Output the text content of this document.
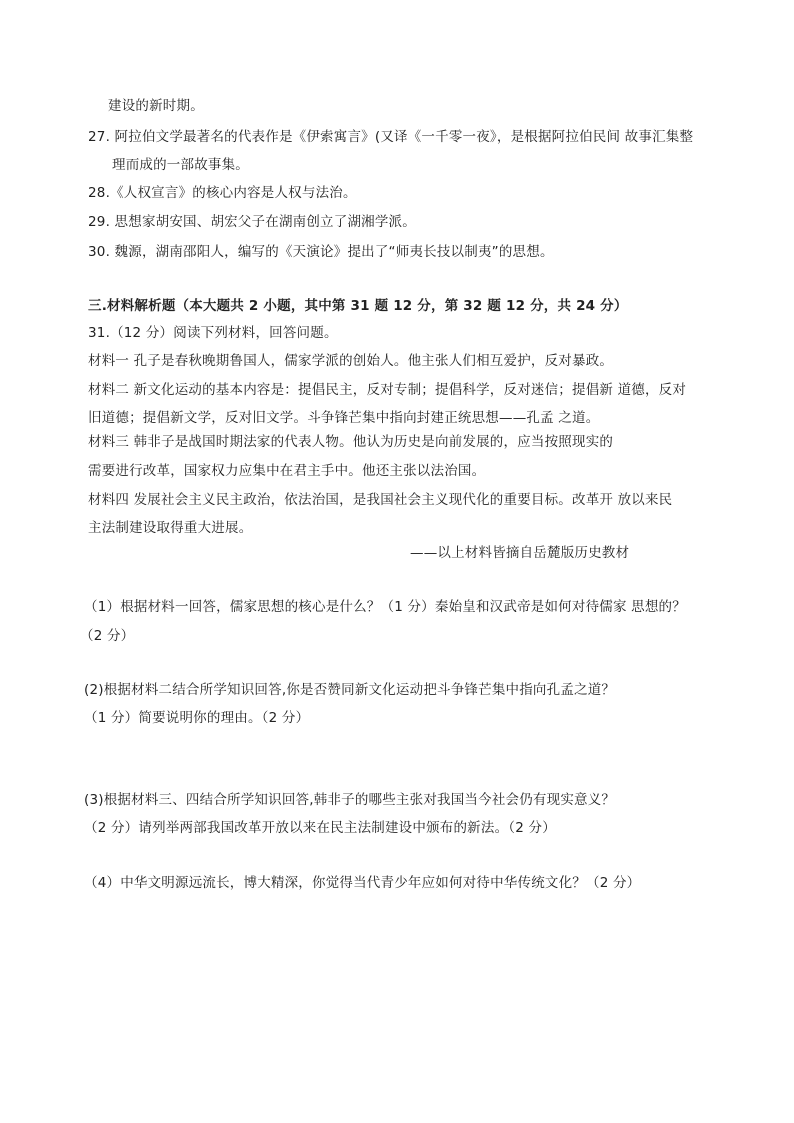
建设的新时期。
27. 阿拉伯文学最著名的代表作是《伊索寓言》(又译《一千零一夜》，是根据阿拉伯民间 故事汇集整
理而成的一部故事集。
28.《人权宣言》的核心内容是人权与法治。
29. 思想家胡安国、胡宏父子在湖南创立了湖湘学派。
30. 魏源，湖南邵阳人，编写的《天演论》提出了“师夷长技以制夷”的思想。
三.材料解析题（本大题共 2 小题，其中第 31 题 12 分，第 32 题 12 分，共 24 分）
31.（12 分）阅读下列材料，回答问题。
材料一 孔子是春秋晚期鲁国人，儒家学派的创始人。他主张人们相互爱护，反对暴政。
材料二 新文化运动的基本内容是：提倡民主，反对专制；提倡科学，反对迷信；提倡新 道德，反对
旧道德；提倡新文学，反对旧文学。斗争锋芒集中指向封建正统思想——孔孟 之道。
材料三 韩非子是战国时期法家的代表人物。他认为历史是向前发展的，应当按照现实的
需要进行改革，国家权力应集中在君主手中。他还主张以法治国。
材料四 发展社会主义民主政治，依法治国，是我国社会主义现代化的重要目标。改革开 放以来民
主法制建设取得重大进展。
——以上材料皆摘自岳麓版历史教材
（1）根据材料一回答，儒家思想的核心是什么？（1 分）秦始皇和汉武帝是如何对待儒家 思想的？
（2 分）
(2)根据材料二结合所学知识回答,你是否赞同新文化运动把斗争锋芒集中指向孔孟之道？
（1 分）简要说明你的理由。（2 分）
(3)根据材料三、四结合所学知识回答,韩非子的哪些主张对我国当今社会仍有现实意义？
（2 分）请列举两部我国改革开放以来在民主法制建设中颁布的新法。（2 分）
（4）中华文明源远流长，博大精深，你觉得当代青少年应如何对待中华传统文化？（2 分）
